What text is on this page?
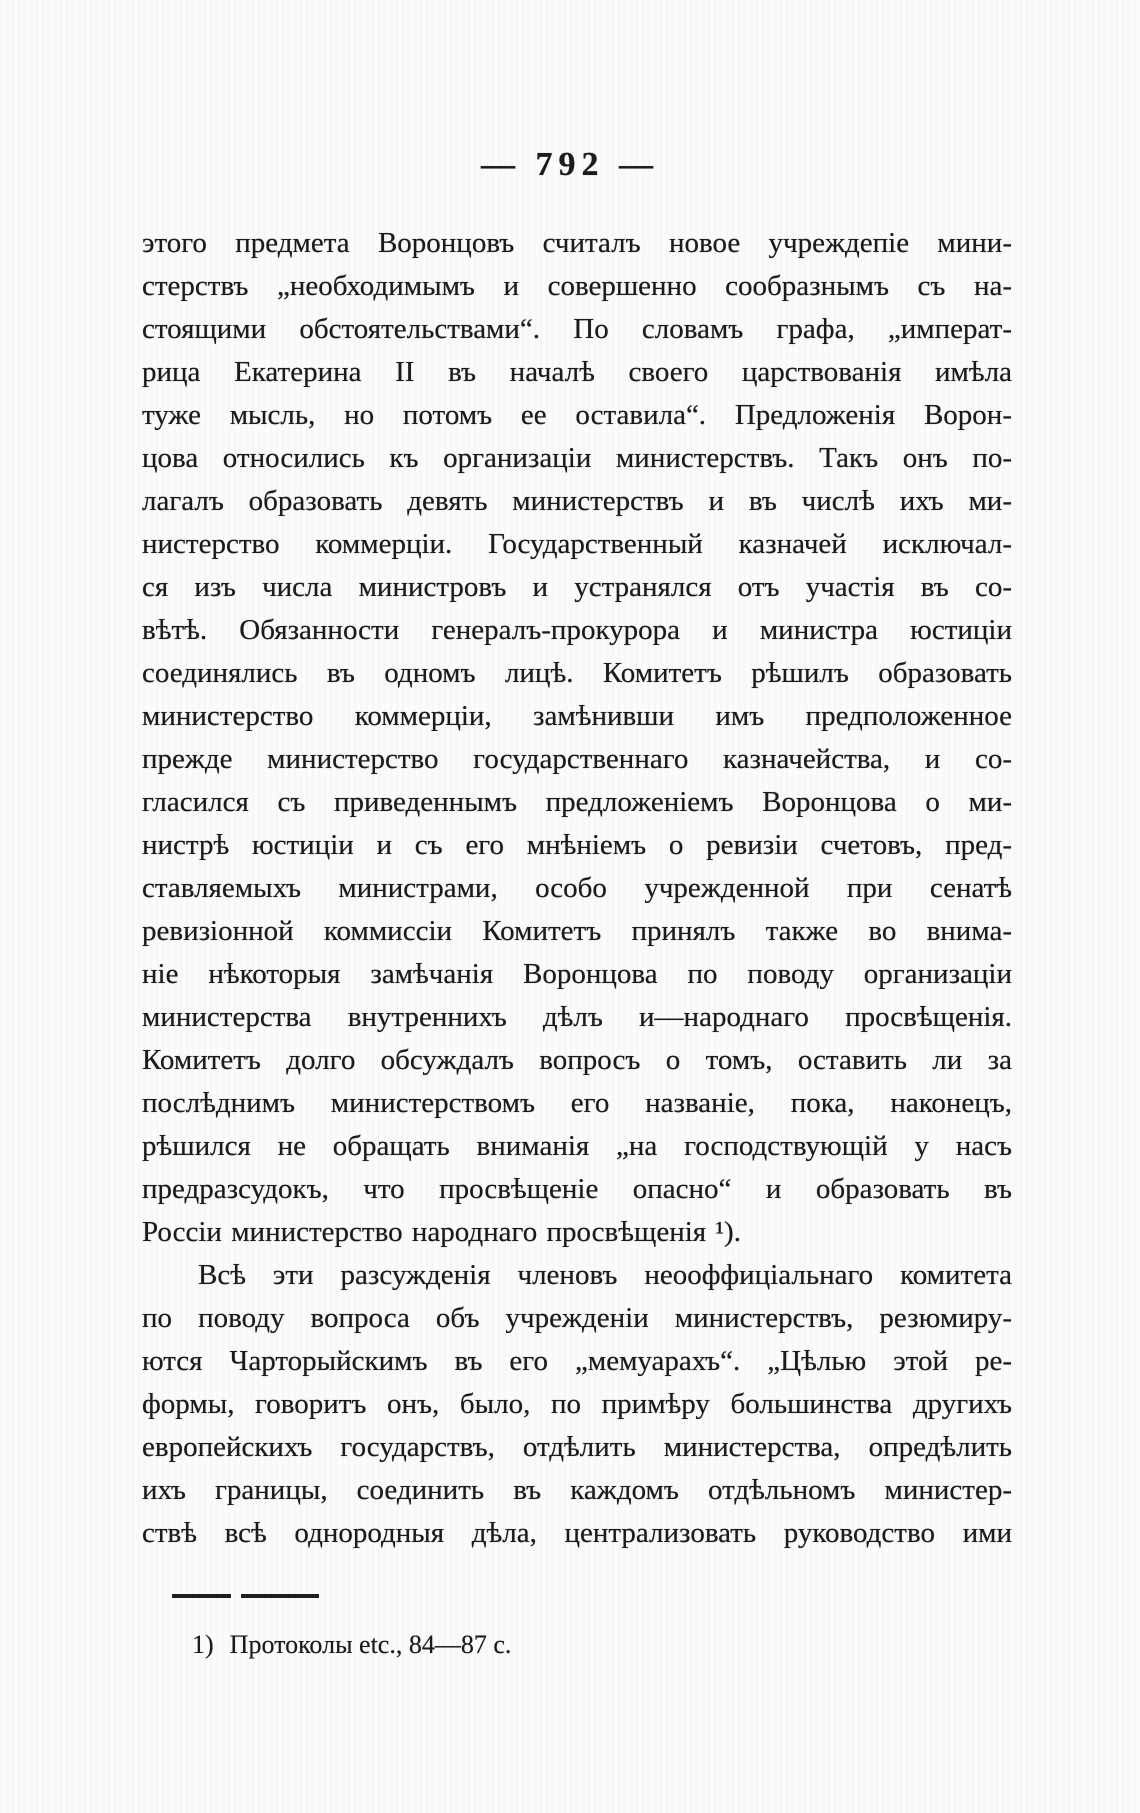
— 792 —
этого предмета Воронцовъ считалъ новое учреждепіе мини-
стерствъ „необходимымъ и совершенно сообразнымъ съ на-
стоящими обстоятельствами“. По словамъ графа, „императ-
рица Екатерина II въ началѣ своего царствованія имѣла
туже мысль, но потомъ ее оставила“. Предложенія Ворон-
цова относились къ организаціи министерствъ. Такъ онъ по-
лагалъ образовать девять министерствъ и въ числѣ ихъ ми-
нистерство коммерціи. Государственный казначей исключал-
ся изъ числа министровъ и устранялся отъ участія въ со-
вѣтѣ. Обязанности генералъ-прокурора и министра юстиціи
соединялись въ одномъ лицѣ. Комитетъ рѣшилъ образовать
министерство коммерціи, замѣнивши имъ предположенное
прежде министерство государственнаго казначейства, и со-
гласился съ приведеннымъ предложеніемъ Воронцова о ми-
нистрѣ юстиціи и съ его мнѣніемъ о ревизіи счетовъ, пред-
ставляемыхъ министрами, особо учрежденной при сенатѣ
ревизіонной коммиссіи Комитетъ принялъ также во внима-
ніе нѣкоторыя замѣчанія Воронцова по поводу организаціи
министерства внутреннихъ дѣлъ и—народнаго просвѣщенія.
Комитетъ долго обсуждалъ вопросъ о томъ, оставить ли за
послѣднимъ министерствомъ его названіе, пока, наконецъ,
рѣшился не обращать вниманія „на господствующій у насъ
предразсудокъ, что просвѣщеніе опасно“ и образовать въ
Россіи министерство народнаго просвѣщенія ¹).
Всѣ эти разсужденія членовъ неооффиціальнаго комитета
по поводу вопроса объ учрежденіи министерствъ, резюмиру-
ются Чарторыйскимъ въ его „мемуарахъ“. „Цѣлью этой ре-
формы, говоритъ онъ, было, по примѣру большинства другихъ
европейскихъ государствъ, отдѣлить министерства, опредѣлить
ихъ границы, соединить въ каждомъ отдѣльномъ министер-
ствѣ всѣ однородныя дѣла, централизовать руководство ими
1) Протоколы etc., 84—87 с.
